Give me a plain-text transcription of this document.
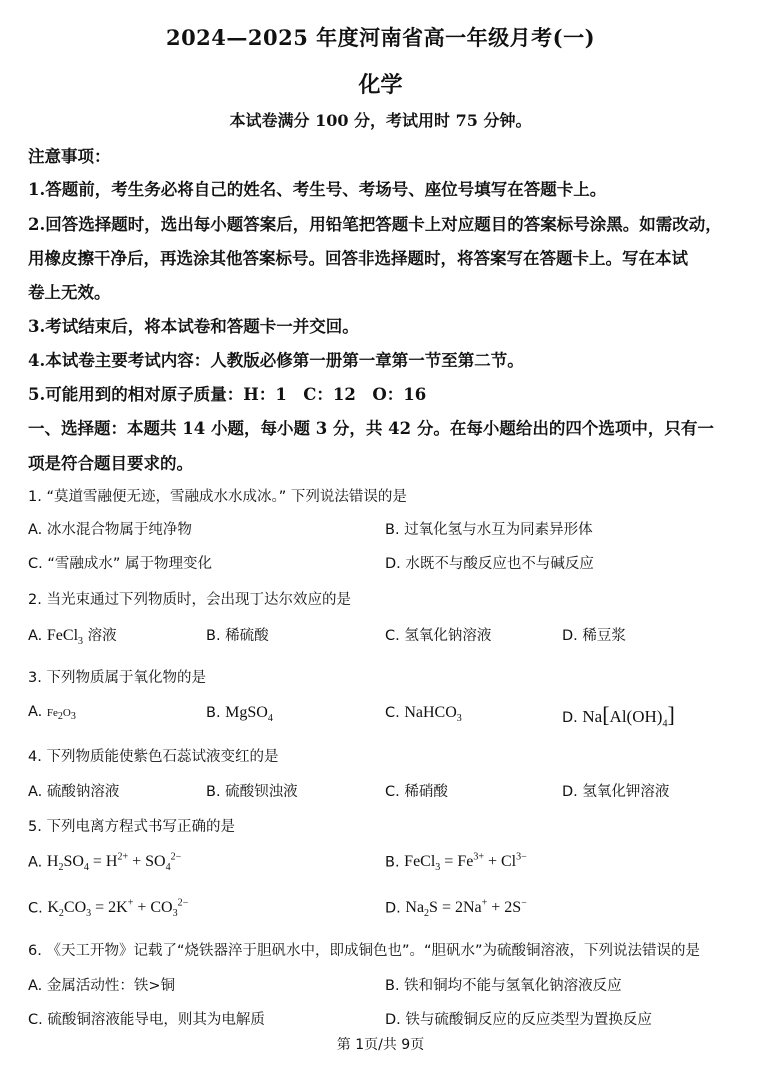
2024—2025 年度河南省高一年级月考(一)
化学
本试卷满分 100 分，考试用时 75 分钟。
注意事项：
1.答题前，考生务必将自己的姓名、考生号、考场号、座位号填写在答题卡上。
2.回答选择题时，选出每小题答案后，用铅笔把答题卡上对应题目的答案标号涂黑。如需改动，
用橡皮擦干净后，再选涂其他答案标号。回答非选择题时，将答案写在答题卡上。写在本试
卷上无效。
3.考试结束后，将本试卷和答题卡一并交回。
4.本试卷主要考试内容：人教版必修第一册第一章第一节至第二节。
5.可能用到的相对原子质量：H：1　C：12　O：16
一、选择题：本题共 14 小题，每小题 3 分，共 42 分。在每小题给出的四个选项中，只有一
项是符合题目要求的。
1. “莫道雪融便无迹，雪融成水水成冰。” 下列说法错误的是
A. 冰水混合物属于纯净物	B. 过氧化氢与水互为同素异形体
C. “雪融成水” 属于物理变化	D. 水既不与酸反应也不与碱反应
2. 当光束通过下列物质时，会出现丁达尔效应的是
A. FeCl$_3$ 溶液	B. 稀硫酸	C. 氢氧化钠溶液	D. 稀豆浆
3. 下列物质属于氧化物的是
A. $Fe_2O_3$	B. MgSO$_4$	C. NaHCO$_3$	D. $Na[Al(OH)_4]$
4. 下列物质能使紫色石蕊试液变红的是
A. 硫酸钠溶液	B. 硫酸钡浊液	C. 稀硝酸	D. 氢氧化钾溶液
5. 下列电离方程式书写正确的是
A. $H_2SO_4 = H^{2+} + SO_4^{2-}$	B. FeCl$_3$ = $Fe^{3+} + Cl^{3-}$
C. $K_2CO_3 = 2K^+ + CO_3^{2-}$	D. $Na_2S = 2Na^+ + 2S^-$
6. 《天工开物》记载了“烧铁器淬于胆矾水中，即成铜色也”。“胆矾水”为硫酸铜溶液，下列说法错误的是
A. 金属活动性：铁>铜	B. 铁和铜均不能与氢氧化钠溶液反应
C. 硫酸铜溶液能导电，则其为电解质	D. 铁与硫酸铜反应的反应类型为置换反应
第 1页/共 9页
